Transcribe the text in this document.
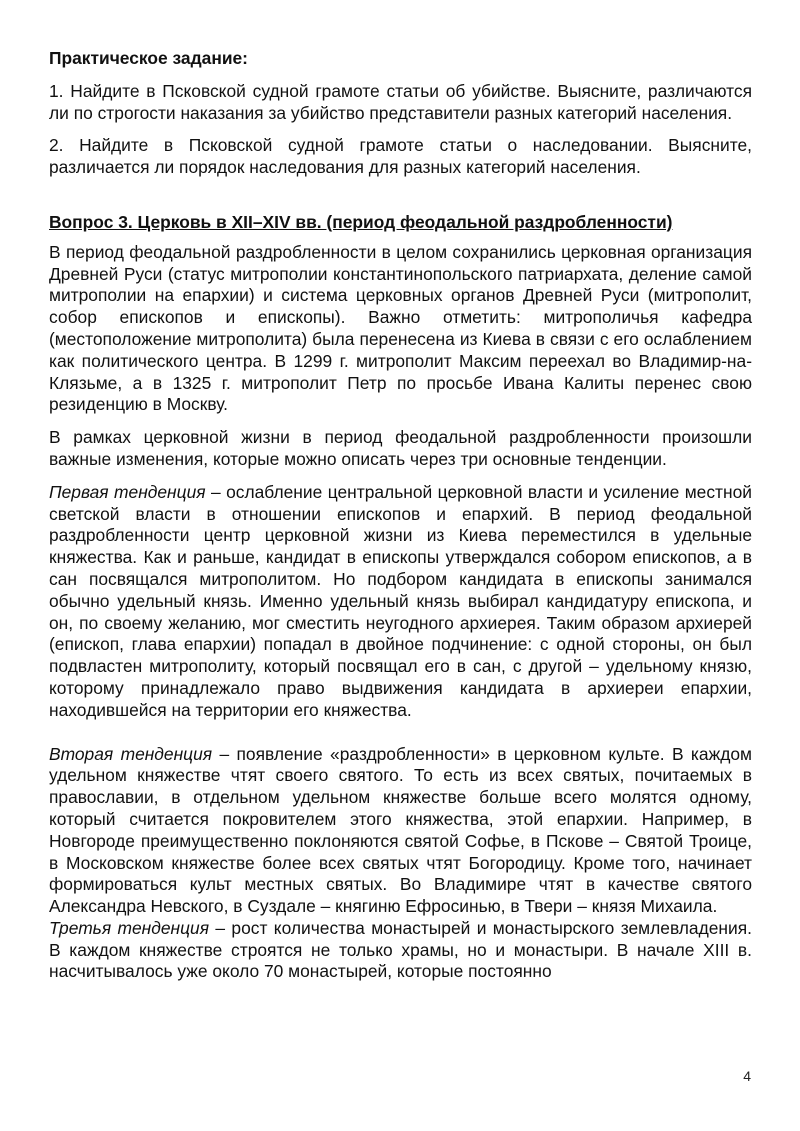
Практическое задание:
1. Найдите в Псковской судной грамоте статьи об убийстве. Выясните, различаются ли по строгости наказания за убийство представители разных категорий населения.
2. Найдите в Псковской судной грамоте статьи о наследовании. Выясните, различается ли порядок наследования для разных категорий населения.
Вопрос 3. Церковь в XII–XIV вв. (период феодальной раздробленности)
В период феодальной раздробленности в целом сохранились церковная организация Древней Руси (статус митрополии константинопольского патриархата, деление самой митрополии на епархии) и система церковных органов Древней Руси (митрополит, собор епископов и епископы). Важно отметить: митрополичья кафедра (местоположение митрополита) была перенесена из Киева в связи с его ослаблением как политического центра. В 1299 г. митрополит Максим переехал во Владимир-на-Клязьме, а в 1325 г. митрополит Петр по просьбе Ивана Калиты перенес свою резиденцию в Москву.
В рамках церковной жизни в период феодальной раздробленности произошли важные изменения, которые можно описать через три основные тенденции.
Первая тенденция – ослабление центральной церковной власти и усиление местной светской власти в отношении епископов и епархий. В период феодальной раздробленности центр церковной жизни из Киева переместился в удельные княжества. Как и раньше, кандидат в епископы утверждался собором епископов, а в сан посвящался митрополитом. Но подбором кандидата в епископы занимался обычно удельный князь. Именно удельный князь выбирал кандидатуру епископа, и он, по своему желанию, мог сместить неугодного архиерея. Таким образом архиерей (епископ, глава епархии) попадал в двойное подчинение: с одной стороны, он был подвластен митрополиту, который посвящал его в сан, с другой – удельному князю, которому принадлежало право выдвижения кандидата в архиереи епархии, находившейся на территории его княжества.
Вторая тенденция – появление «раздробленности» в церковном культе. В каждом удельном княжестве чтят своего святого. То есть из всех святых, почитаемых в православии, в отдельном удельном княжестве больше всего молятся одному, который считается покровителем этого княжества, этой епархии. Например, в Новгороде преимущественно поклоняются святой Софье, в Пскове – Святой Троице, в Московском княжестве более всех святых чтят Богородицу. Кроме того, начинает формироваться культ местных святых. Во Владимире чтят в качестве святого Александра Невского, в Суздале – княгиню Ефросинью, в Твери – князя Михаила.
Третья тенденция – рост количества монастырей и монастырского землевладения. В каждом княжестве строятся не только храмы, но и монастыри. В начале XIII в. насчитывалось уже около 70 монастырей, которые постоянно
4
